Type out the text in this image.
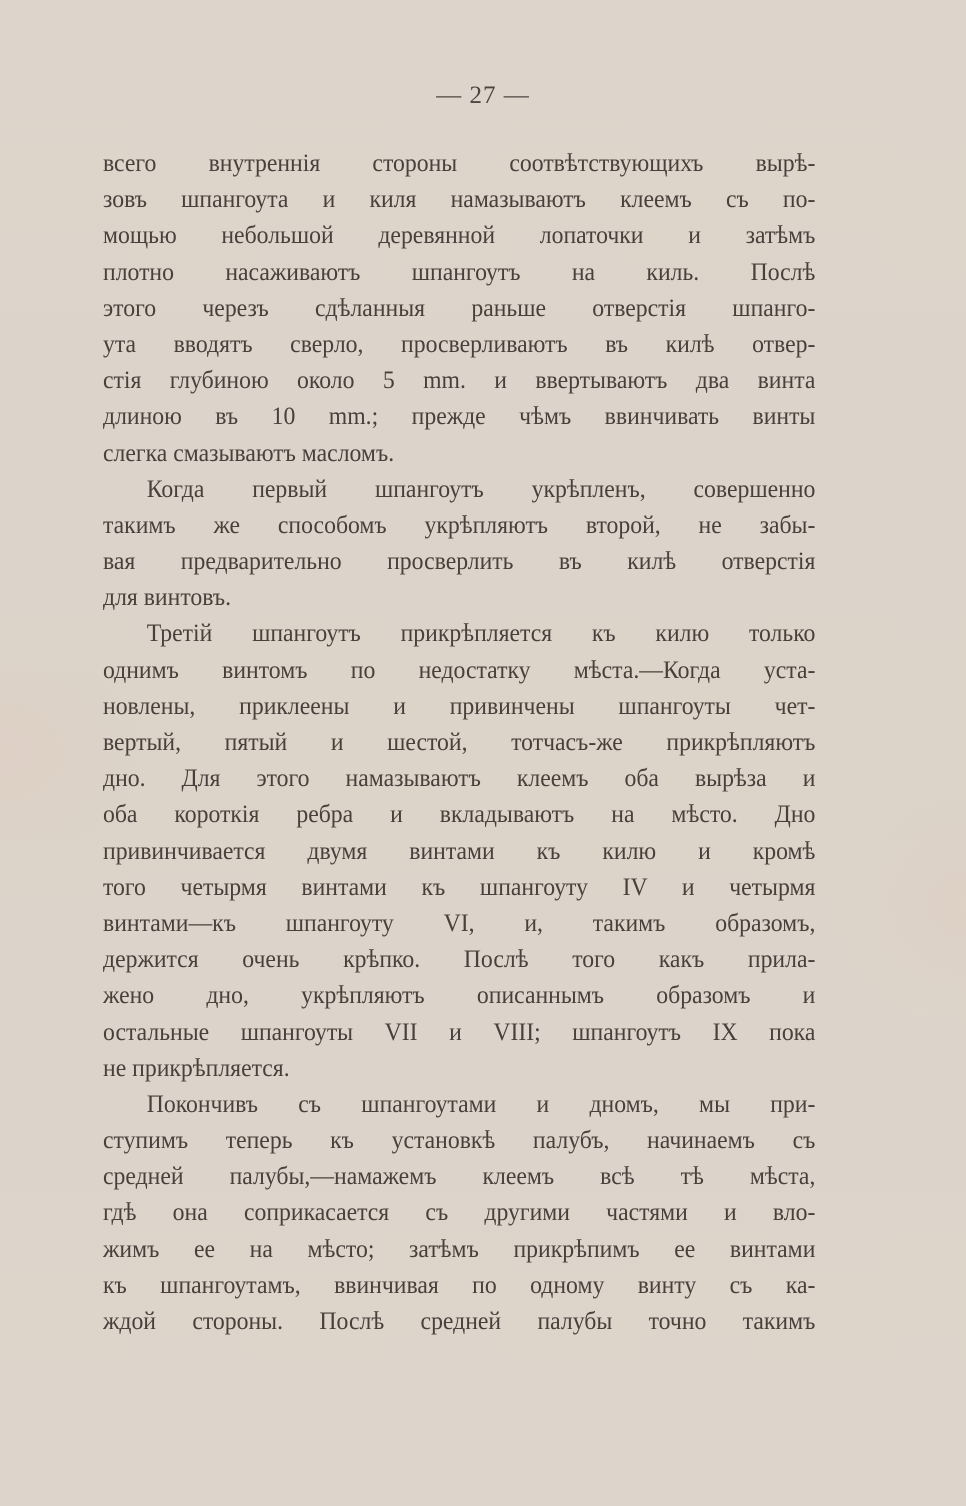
— 27 —
всего внутреннія стороны соотвѣтствующихъ вырѣ-
зовъ шпангоута и киля намазываютъ клеемъ съ по-
мощью небольшой деревянной лопаточки и затѣмъ
плотно насаживаютъ шпангоутъ на киль. Послѣ
этого черезъ сдѣланныя раньше отверстія шпанго-
ута вводятъ сверло, просверливаютъ въ килѣ отвер-
стія глубиною около 5 mm. и ввертываютъ два винта
длиною въ 10 mm.; прежде чѣмъ ввинчивать винты
слегка смазываютъ масломъ.
Когда первый шпангоутъ укрѣпленъ, совершенно
такимъ же способомъ укрѣпляютъ второй, не забы-
вая предварительно просверлить въ килѣ отверстія
для винтовъ.
Третій шпангоутъ прикрѣпляется къ килю только
однимъ винтомъ по недостатку мѣста.—Когда уста-
новлены, приклеены и привинчены шпангоуты чет-
вертый, пятый и шестой, тотчасъ-же прикрѣпляютъ
дно. Для этого намазываютъ клеемъ оба вырѣза и
оба короткія ребра и вкладываютъ на мѣсто. Дно
привинчивается двумя винтами къ килю и кромѣ
того четырмя винтами къ шпангоуту IV и четырмя
винтами—къ шпангоуту VI, и, такимъ образомъ,
держится очень крѣпко. Послѣ того какъ прила-
жено дно, укрѣпляютъ описаннымъ образомъ и
остальные шпангоуты VII и VIII; шпангоутъ IX пока
не прикрѣпляется.
Покончивъ съ шпангоутами и дномъ, мы при-
ступимъ теперь къ установкѣ палубъ, начинаемъ съ
средней палубы,—намажемъ клеемъ всѣ тѣ мѣста,
гдѣ она соприкасается съ другими частями и вло-
жимъ ее на мѣсто; затѣмъ прикрѣпимъ ее винтами
къ шпангоутамъ, ввинчивая по одному винту съ ка-
ждой стороны. Послѣ средней палубы точно такимъ
